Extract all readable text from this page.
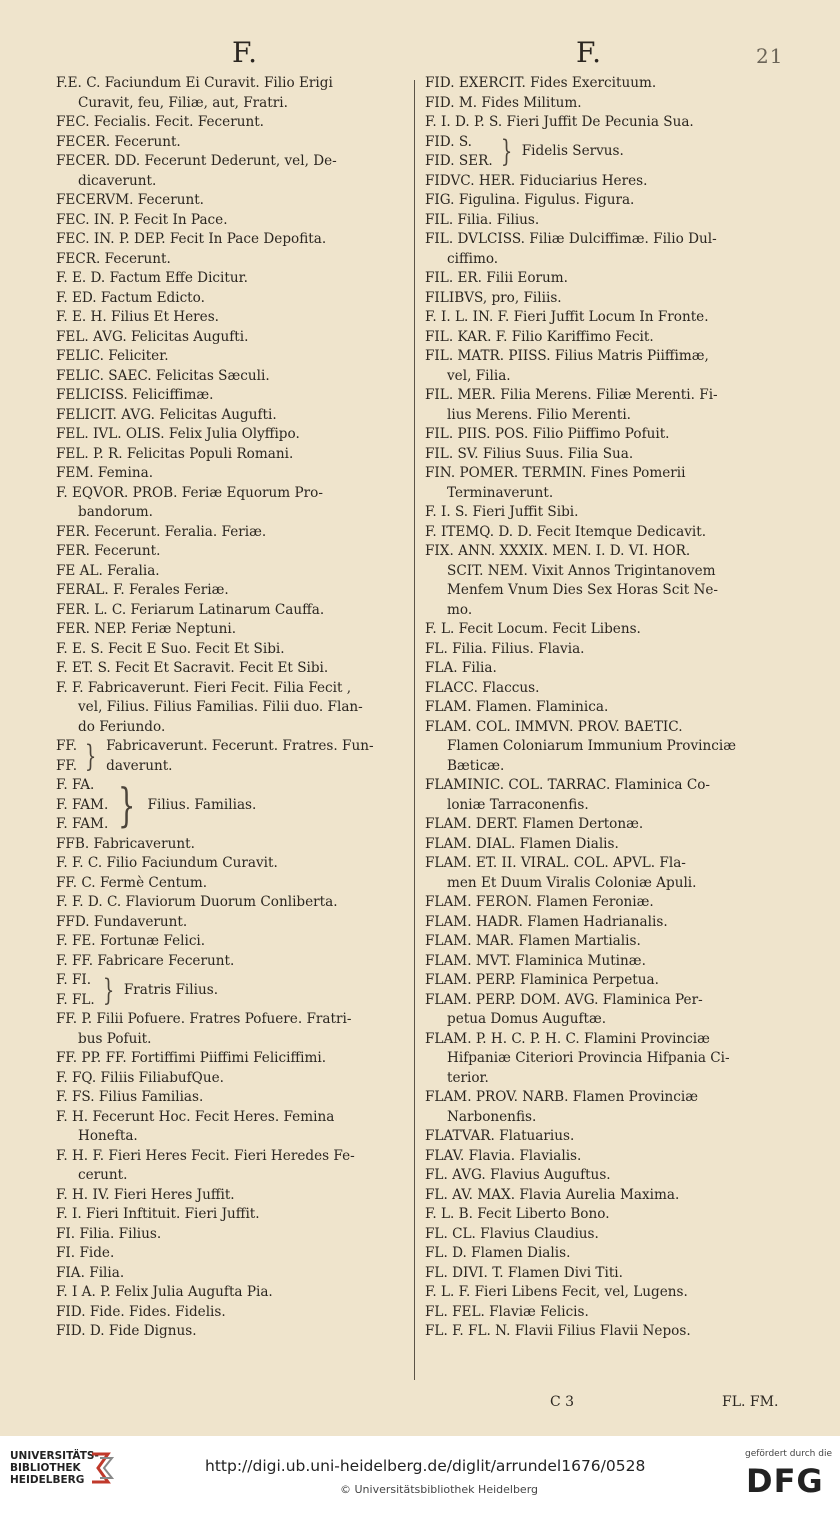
F.	F.	21
F.E. C. Faciundum Ei Curavit. Filio Erigi
Curavit, feu, Filiæ, aut, Fratri.
FEC. Fecialis. Fecit. Fecerunt.
FECER. Fecerunt.
FECER. DD. Fecerunt Dederunt, vel, De-
dicaverunt.
FECERVM. Fecerunt.
FEC. IN. P. Fecit In Pace.
FEC. IN. P. DEP. Fecit In Pace Depofita.
FECR. Fecerunt.
F. E. D. Factum Effe Dicitur.
F. ED. Factum Edicto.
F. E. H. Filius Et Heres.
FEL. AVG. Felicitas Augufti.
FELIC. Feliciter.
FELIC. SAEC. Felicitas Sæculi.
FELICISS. Feliciffimæ.
FELICIT. AVG. Felicitas Augufti.
FEL. IVL. OLIS. Felix Julia Olyffipo.
FEL. P. R. Felicitas Populi Romani.
FEM. Femina.
F. EQVOR. PROB. Feriæ Equorum Pro-
bandorum.
FER. Fecerunt. Feralia. Feriæ.
FER. Fecerunt.
FE AL. Feralia.
FERAL. F. Ferales Feriæ.
FER. L. C. Feriarum Latinarum Cauffa.
FER. NEP. Feriæ Neptuni.
F. E. S. Fecit E Suo. Fecit Et Sibi.
F. ET. S. Fecit Et Sacravit. Fecit Et Sibi.
F. F. Fabricaverunt. Fieri Fecit. Filia Fecit ,
vel, Filius. Filius Familias. Filii duo. Flan-
do Feriundo.
FF.
FF. } Fabricaverunt. Fecerunt. Fratres. Fun-
daverunt.
F. FA.
F. FAM.
F. FAM. } Filius. Familias.
FFB. Fabricaverunt.
F. F. C. Filio Faciundum Curavit.
FF. C. Fermè Centum.
F. F. D. C. Flaviorum Duorum Conliberta.
FFD. Fundaverunt.
F. FE. Fortunæ Felici.
F. FF. Fabricare Fecerunt.
F. FI.
F. FL. } Fratris Filius.
FF. P. Filii Pofuere. Fratres Pofuere. Fratri-
bus Pofuit.
FF. PP. FF. Fortiffimi Piiffimi Feliciffimi.
F. FQ. Filiis FiliabufQue.
F. FS. Filius Familias.
F. H. Fecerunt Hoc. Fecit Heres. Femina
Honefta.
F. H. F. Fieri Heres Fecit. Fieri Heredes Fe-
cerunt.
F. H. IV. Fieri Heres Juffit.
F. I. Fieri Inftituit. Fieri Juffit.
FI. Filia. Filius.
FI. Fide.
FIA. Filia.
F. I A. P. Felix Julia Augufta Pia.
FID. Fide. Fides. Fidelis.
FID. D. Fide Dignus.
FID. EXERCIT. Fides Exercituum.
FID. M. Fides Militum.
F. I. D. P. S. Fieri Juffit De Pecunia Sua.
FID. S.
FID. SER. } Fidelis Servus.
FIDVC. HER. Fiduciarius Heres.
FIG. Figulina. Figulus. Figura.
FIL. Filia. Filius.
FIL. DVLCISS. Filiæ Dulciffimæ. Filio Dul-
ciffimo.
FIL. ER. Filii Eorum.
FILIBVS, pro, Filiis.
F. I. L. IN. F. Fieri Juffit Locum In Fronte.
FIL. KAR. F. Filio Kariffimo Fecit.
FIL. MATR. PIISS. Filius Matris Piiffimæ,
vel, Filia.
FIL. MER. Filia Merens. Filiæ Merenti. Fi-
lius Merens. Filio Merenti.
FIL. PIIS. POS. Filio Piiffimo Pofuit.
FIL. SV. Filius Suus. Filia Sua.
FIN. POMER. TERMIN. Fines Pomerii
Terminaverunt.
F. I. S. Fieri Juffit Sibi.
F. ITEMQ. D. D. Fecit Itemque Dedicavit.
FIX. ANN. XXXIX. MEN. I. D. VI. HOR.
SCIT. NEM. Vixit Annos Trigintanovem
Menfem Vnum Dies Sex Horas Scit Ne-
mo.
F. L. Fecit Locum. Fecit Libens.
FL. Filia. Filius. Flavia.
FLA. Filia.
FLACC. Flaccus.
FLAM. Flamen. Flaminica.
FLAM. COL. IMMVN. PROV. BAETIC.
Flamen Coloniarum Immunium Provinciæ
Bæticæ.
FLAMINIC. COL. TARRAC. Flaminica Co-
loniæ Tarraconenfis.
FLAM. DERT. Flamen Dertonæ.
FLAM. DIAL. Flamen Dialis.
FLAM. ET. II. VIRAL. COL. APVL. Fla-
men Et Duum Viralis Coloniæ Apuli.
FLAM. FERON. Flamen Feroniæ.
FLAM. HADR. Flamen Hadrianalis.
FLAM. MAR. Flamen Martialis.
FLAM. MVT. Flaminica Mutinæ.
FLAM. PERP. Flaminica Perpetua.
FLAM. PERP. DOM. AVG. Flaminica Per-
petua Domus Auguftæ.
FLAM. P. H. C. P. H. C. Flamini Provinciæ
Hifpaniæ Citeriori Provincia Hifpania Ci-
terior.
FLAM. PROV. NARB. Flamen Provinciæ
Narbonenfis.
FLATVAR. Flatuarius.
FLAV. Flavia. Flavialis.
FL. AVG. Flavius Auguftus.
FL. AV. MAX. Flavia Aurelia Maxima.
F. L. B. Fecit Liberto Bono.
FL. CL. Flavius Claudius.
FL. D. Flamen Dialis.
FL. DIVI. T. Flamen Divi Titi.
F. L. F. Fieri Libens Fecit, vel, Lugens.
FL. FEL. Flaviæ Felicis.
FL. F. FL. N. Flavii Filius Flavii Nepos.
C 3	FL. FM.
UNIVERSITÄTS-
BIBLIOTHEK
HEIDELBERG
http://digi.ub.uni-heidelberg.de/diglit/arrundel1676/0528
© Universitätsbibliothek Heidelberg
gefördert durch die
DFG
